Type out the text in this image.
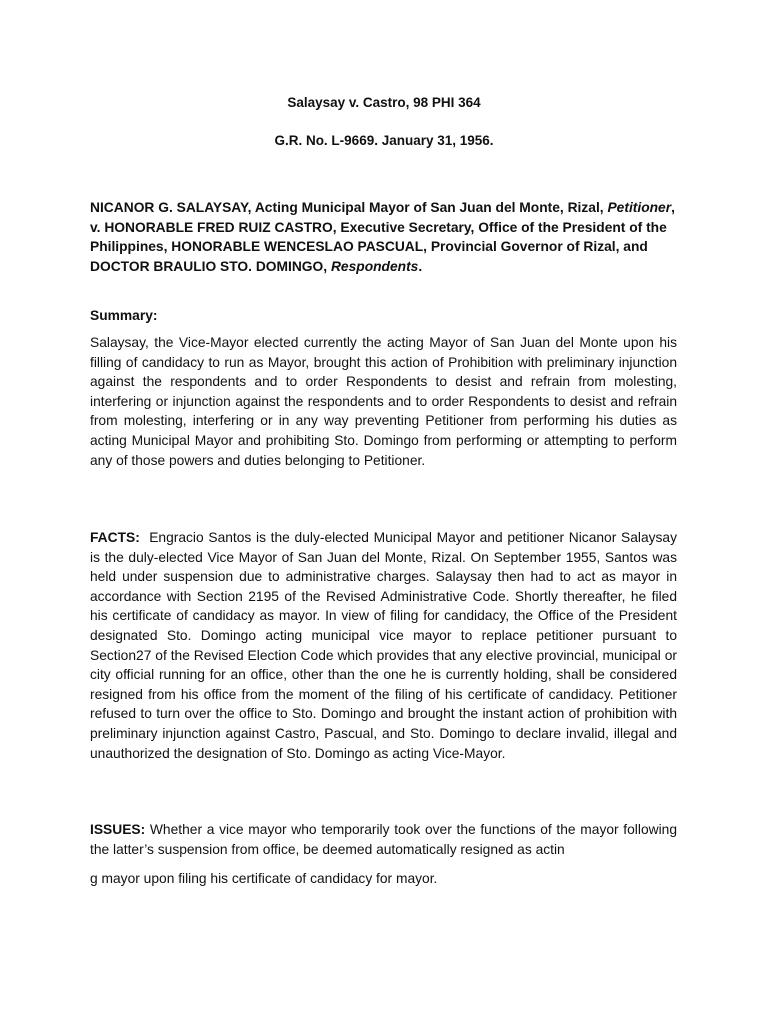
Salaysay v. Castro, 98 PHI 364

G.R. No. L-9669. January 31, 1956.

NICANOR G. SALAYSAY, Acting Municipal Mayor of San Juan del Monte, Rizal, Petitioner, v. HONORABLE FRED RUIZ CASTRO, Executive Secretary, Office of the President of the Philippines, HONORABLE WENCESLAO PASCUAL, Provincial Governor of Rizal, and DOCTOR BRAULIO STO. DOMINGO, Respondents.

Summary:

Salaysay, the Vice-Mayor elected currently the acting Mayor of San Juan del Monte upon his filling of candidacy to run as Mayor, brought this action of Prohibition with preliminary injunction against the respondents and to order Respondents to desist and refrain from molesting, interfering or injunction against the respondents and to order Respondents to desist and refrain from molesting, interfering or in any way preventing Petitioner from performing his duties as acting Municipal Mayor and prohibiting Sto. Domingo from performing or attempting to perform any of those powers and duties belonging to Petitioner.

FACTS: Engracio Santos is the duly-elected Municipal Mayor and petitioner Nicanor Salaysay is the duly-elected Vice Mayor of San Juan del Monte, Rizal. On September 1955, Santos was held under suspension due to administrative charges. Salaysay then had to act as mayor in accordance with Section 2195 of the Revised Administrative Code. Shortly thereafter, he filed his certificate of candidacy as mayor. In view of filing for candidacy, the Office of the President designated Sto. Domingo acting municipal vice mayor to replace petitioner pursuant to Section27 of the Revised Election Code which provides that any elective provincial, municipal or city official running for an office, other than the one he is currently holding, shall be considered resigned from his office from the moment of the filing of his certificate of candidacy. Petitioner refused to turn over the office to Sto. Domingo and brought the instant action of prohibition with preliminary injunction against Castro, Pascual, and Sto. Domingo to declare invalid, illegal and unauthorized the designation of Sto. Domingo as acting Vice-Mayor.

ISSUES: Whether a vice mayor who temporarily took over the functions of the mayor following the latter’s suspension from office, be deemed automatically resigned as actin

g mayor upon filing his certificate of candidacy for mayor.
